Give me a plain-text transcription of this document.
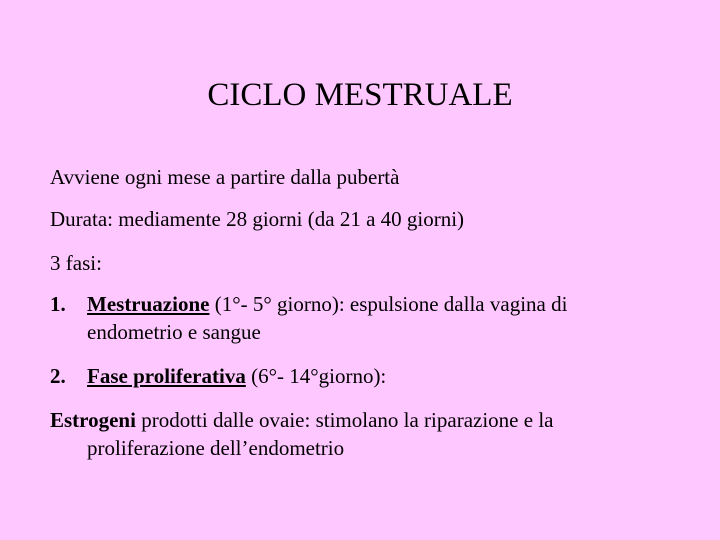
CICLO MESTRUALE

Avviene ogni mese a partire dalla pubertà

Durata: mediamente 28 giorni (da 21 a 40 giorni)

3 fasi:

1. Mestruazione (1°- 5° giorno): espulsione dalla vagina di
endometrio e sangue
2. Fase proliferativa (6°- 14°giorno):

Estrogeni prodotti dalle ovaie: stimolano la riparazione e la
proliferazione dell’endometrio
